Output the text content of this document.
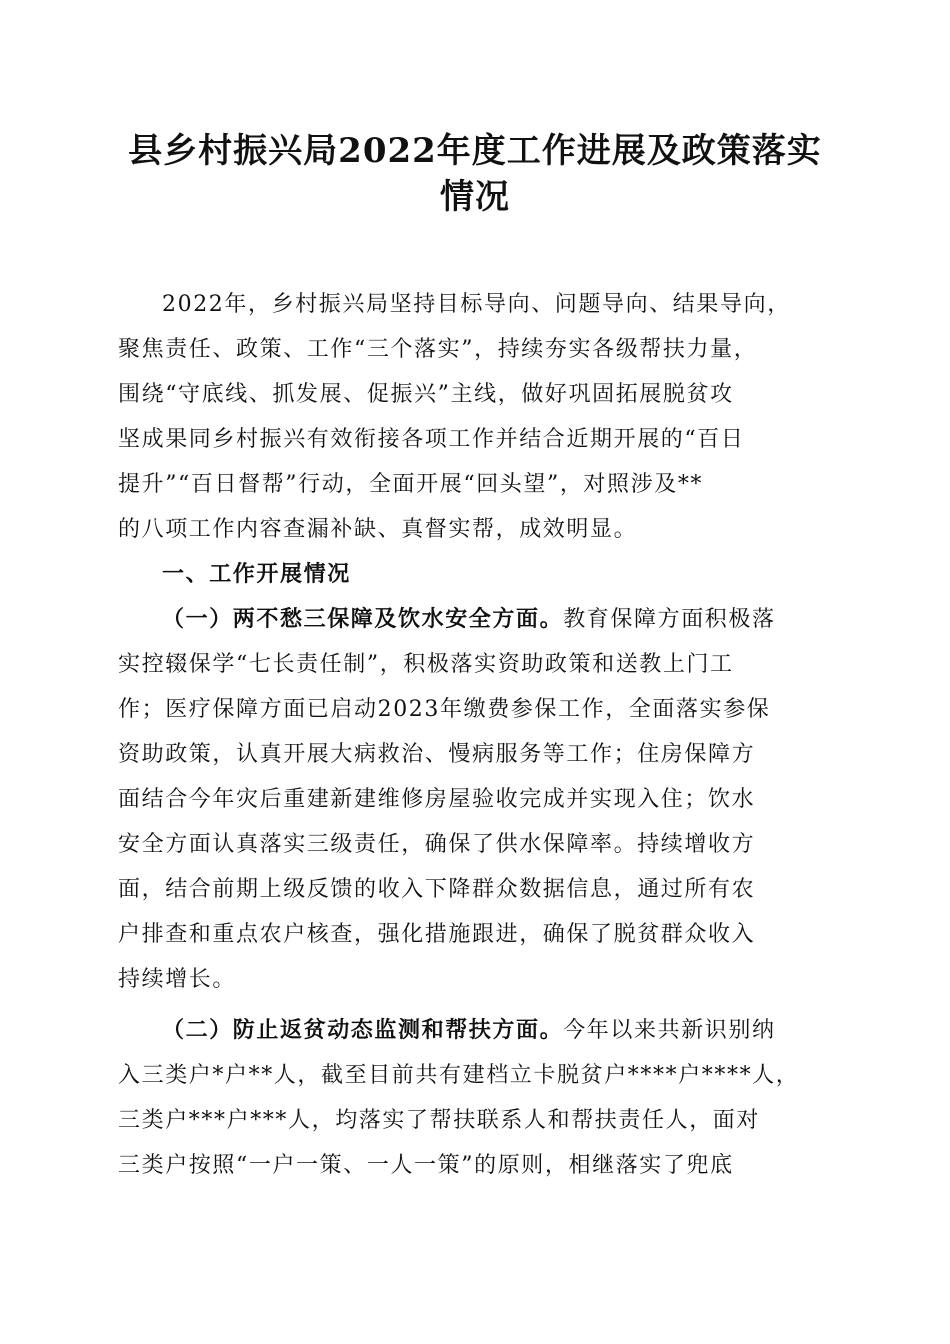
县乡村振兴局2022年度工作进展及政策落实
情况

2022年，乡村振兴局坚持目标导向、问题导向、结果导向，
聚焦责任、政策、工作“三个落实”，持续夯实各级帮扶力量，
围绕“守底线、抓发展、促振兴”主线，做好巩固拓展脱贫攻
坚成果同乡村振兴有效衔接各项工作并结合近期开展的“百日
提升”“百日督帮”行动，全面开展“回头望”，对照涉及**
的八项工作内容查漏补缺、真督实帮，成效明显。

一、工作开展情况

（一）两不愁三保障及饮水安全方面。教育保障方面积极落
实控辍保学“七长责任制”，积极落实资助政策和送教上门工
作；医疗保障方面已启动2023年缴费参保工作，全面落实参保
资助政策，认真开展大病救治、慢病服务等工作；住房保障方
面结合今年灾后重建新建维修房屋验收完成并实现入住；饮水
安全方面认真落实三级责任，确保了供水保障率。持续增收方
面，结合前期上级反馈的收入下降群众数据信息，通过所有农
户排查和重点农户核查，强化措施跟进，确保了脱贫群众收入
持续增长。

（二）防止返贫动态监测和帮扶方面。今年以来共新识别纳
入三类户*户**人，截至目前共有建档立卡脱贫户****户****人，
三类户***户***人，均落实了帮扶联系人和帮扶责任人，面对
三类户按照“一户一策、一人一策”的原则，相继落实了兜底
